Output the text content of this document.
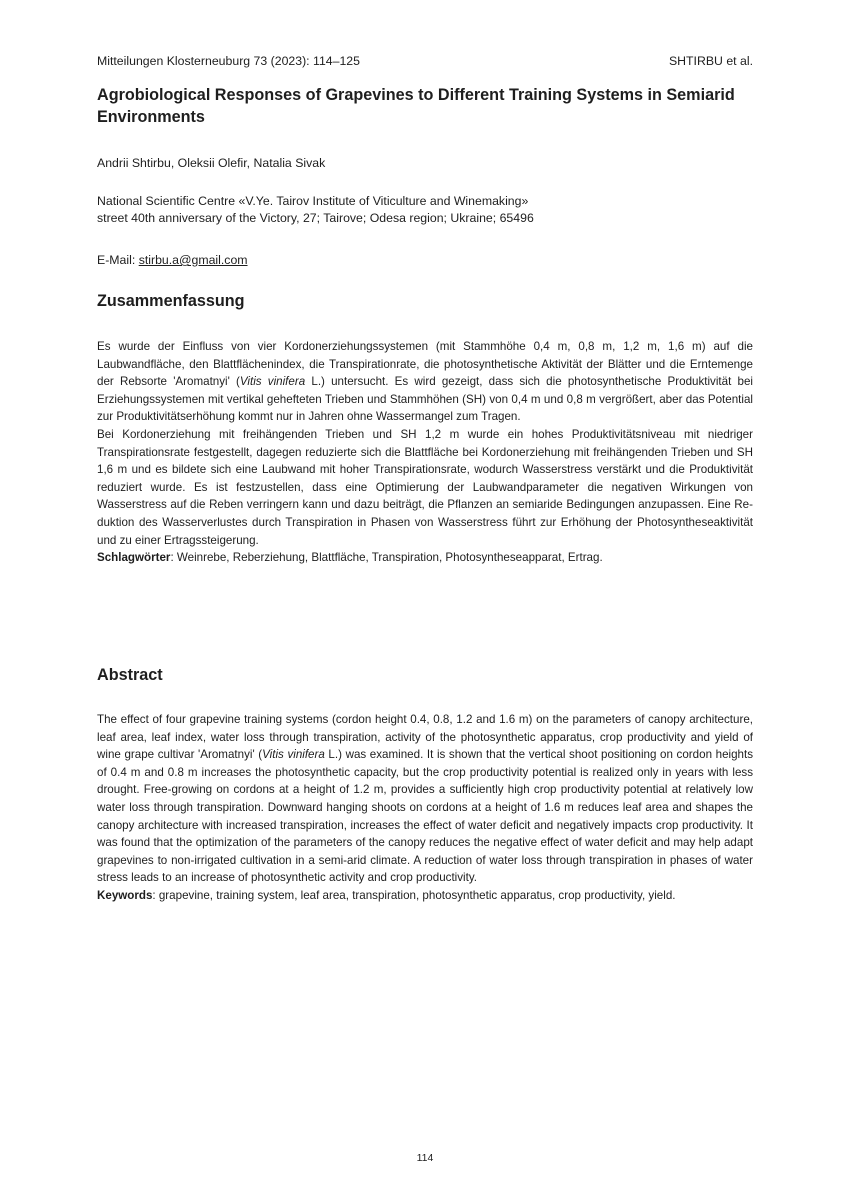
Mitteilungen Klosterneuburg 73 (2023): 114–125	SHTIRBU et al.
Agrobiological Responses of Grapevines to Different Training Systems in Semiarid Environments

Andrii Shtirbu, Oleksii Olefir, Natalia Sivak

National Scientific Centre «V.Ye. Tairov Institute of Viticulture and Winemaking»
street 40th anniversary of the Victory, 27; Tairove; Odesa region; Ukraine; 65496

E-Mail: stirbu.a@gmail.com

Zusammenfassung

Es wurde der Einfluss von vier Kordonerziehungssystemen (mit Stammhöhe 0,4 m, 0,8 m, 1,2 m, 1,6 m) auf die Laubwandfläche, den Blattflächenindex, die Transpirationrate, die photosynthetische Aktivität der Blätter und die Erntemenge der Rebsorte 'Aromatnyi' (Vitis vinifera L.) untersucht. Es wird gezeigt, dass sich die photosynthetische Produktivität bei Erziehungssystemen mit vertikal gehefteten Trieben und Stammhöhen (SH) von 0,4 m und 0,8 m vergrößert, aber das Potential zur Produktivitätserhöhung kommt nur in Jahren ohne Wassermangel zum Tragen.

Bei Kordonerziehung mit freihängenden Trieben und SH 1,2 m wurde ein hohes Produktivitätsniveau mit niedriger Transpirationsrate festgestellt, dagegen reduzierte sich die Blattfläche bei Kordonerziehung mit freihängenden Trieben und SH 1,6 m und es bildete sich eine Laubwand mit hoher Transpirationsrate, wodurch Wasserstress verstärkt und die Produktivität reduziert wurde. Es ist festzustellen, dass eine Optimierung der Laubwandparameter die negativen Wirkungen von Wasserstress auf die Reben verringern kann und dazu beiträgt, die Pflanzen an semiaride Bedingungen anzupassen. Eine Reduktion des Wasserverlustes durch Transpiration in Phasen von Wasserstress führt zur Erhöhung der Photosyntheseaktivität und zu einer Ertragssteigerung.

Schlagwörter: Weinrebe, Reberziehung, Blattfläche, Transpiration, Photosyntheseapparat, Ertrag.

Abstract

The effect of four grapevine training systems (cordon height 0.4, 0.8, 1.2 and 1.6 m) on the parameters of canopy architecture, leaf area, leaf index, water loss through transpiration, activity of the photosynthetic apparatus, crop productivity and yield of wine grape cultivar 'Aromatnyi' (Vitis vinifera L.) was examined. It is shown that the vertical shoot positioning on cordon heights of 0.4 m and 0.8 m increases the photosynthetic capacity, but the crop productivity potential is realized only in years with less drought. Free-growing on cordons at a height of 1.2 m, provides a sufficiently high crop productivity potential at relatively low water loss through transpiration. Downward hanging shoots on cordons at a height of 1.6 m reduces leaf area and shapes the canopy architecture with increased transpiration, increases the effect of water deficit and negatively impacts crop productivity. It was found that the optimization of the parameters of the canopy reduces the negative effect of water deficit and may help adapt grapevines to non-irrigated cultivation in a semi-arid climate. A reduction of water loss through transpiration in phases of water stress leads to an increase of photosynthetic activity and crop productivity.

Keywords: grapevine, training system, leaf area, transpiration, photosynthetic apparatus, crop productivity, yield.

114
